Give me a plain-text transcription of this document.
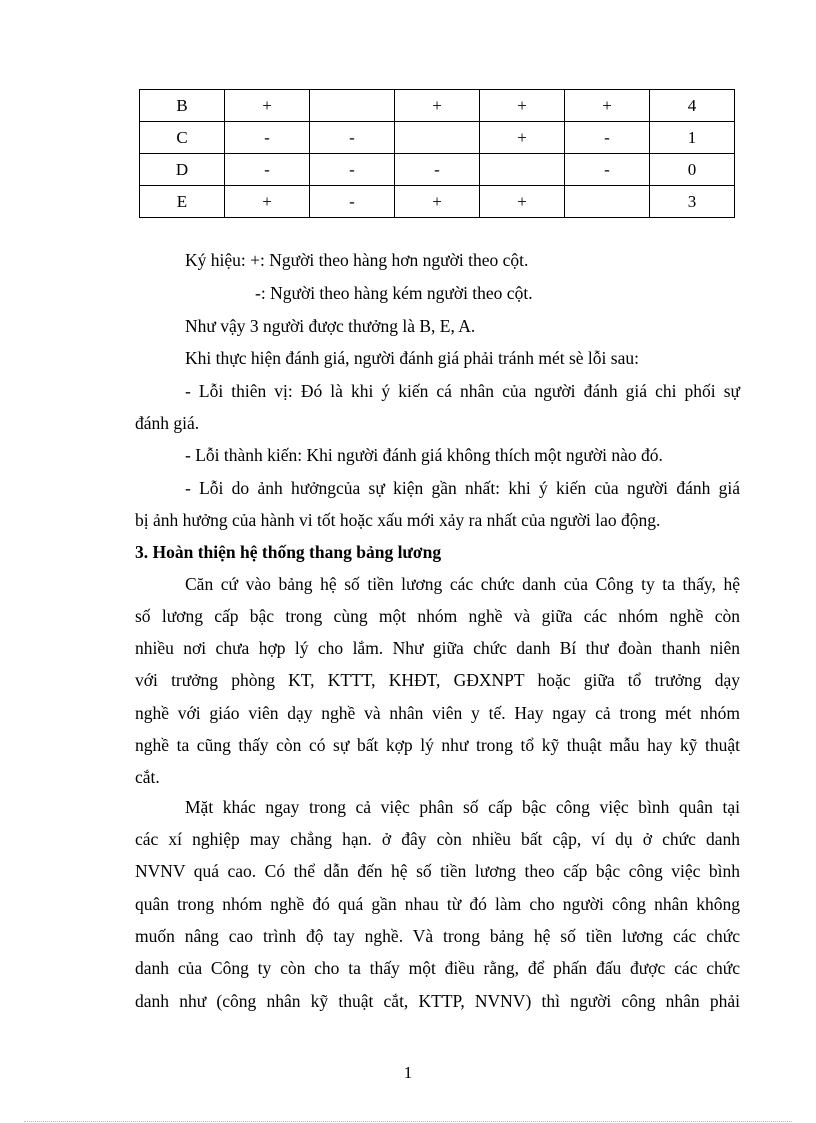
B	+		+	+	+	4
C	-	-		+	-	1
D	-	-	-		-	0
E	+	-	+	+		3
Ký hiệu: +: Người theo hàng hơn người theo cột.
-: Người theo hàng kém người theo cột.
Như vậy 3 người được thưởng là B, E, A.
Khi thực hiện đánh giá, người đánh giá phải tránh mét sè lỗi sau:
- Lỗi thiên vị: Đó là khi ý kiến cá nhân của người đánh giá chi phối sự
đánh giá.
- Lỗi thành kiến: Khi người đánh giá không thích một người nào đó.
- Lỗi do ảnh hưởngcủa sự kiện gần nhất: khi ý kiến của người đánh giá
bị ảnh hưởng của hành vi tốt hoặc xấu mới xảy ra nhất của người lao động.
3. Hoàn thiện hệ thống thang bảng lương
Căn cứ vào bảng hệ số tiền lương các chức danh của Công ty ta thấy, hệ
số lương cấp bậc trong cùng một nhóm nghề và giữa các nhóm nghề còn
nhiều nơi chưa hợp lý cho lắm. Như giữa chức danh Bí thư đoàn thanh niên
với trưởng phòng KT, KTTT, KHĐT, GĐXNPT hoặc giữa tổ trưởng dạy
nghề với giáo viên dạy nghề và nhân viên y tế. Hay ngay cả trong mét nhóm
nghề ta cũng thấy còn có sự bất kợp lý như trong tổ kỹ thuật mẫu hay kỹ thuật
cắt.
Mặt khác ngay trong cả việc phân số cấp bậc công việc bình quân tại
các xí nghiệp may chẳng hạn. ở đây còn nhiều bất cập, ví dụ ở chức danh
NVNV quá cao. Có thể dẫn đến hệ số tiền lương theo cấp bậc công việc bình
quân trong nhóm nghề đó quá gần nhau từ đó làm cho người công nhân không
muốn nâng cao trình độ tay nghề. Và trong bảng hệ số tiền lương các chức
danh của Công ty còn cho ta thấy một điều rằng, để phấn đấu được các chức
danh như (công nhân kỹ thuật cắt, KTTP, NVNV) thì người công nhân phải
1
